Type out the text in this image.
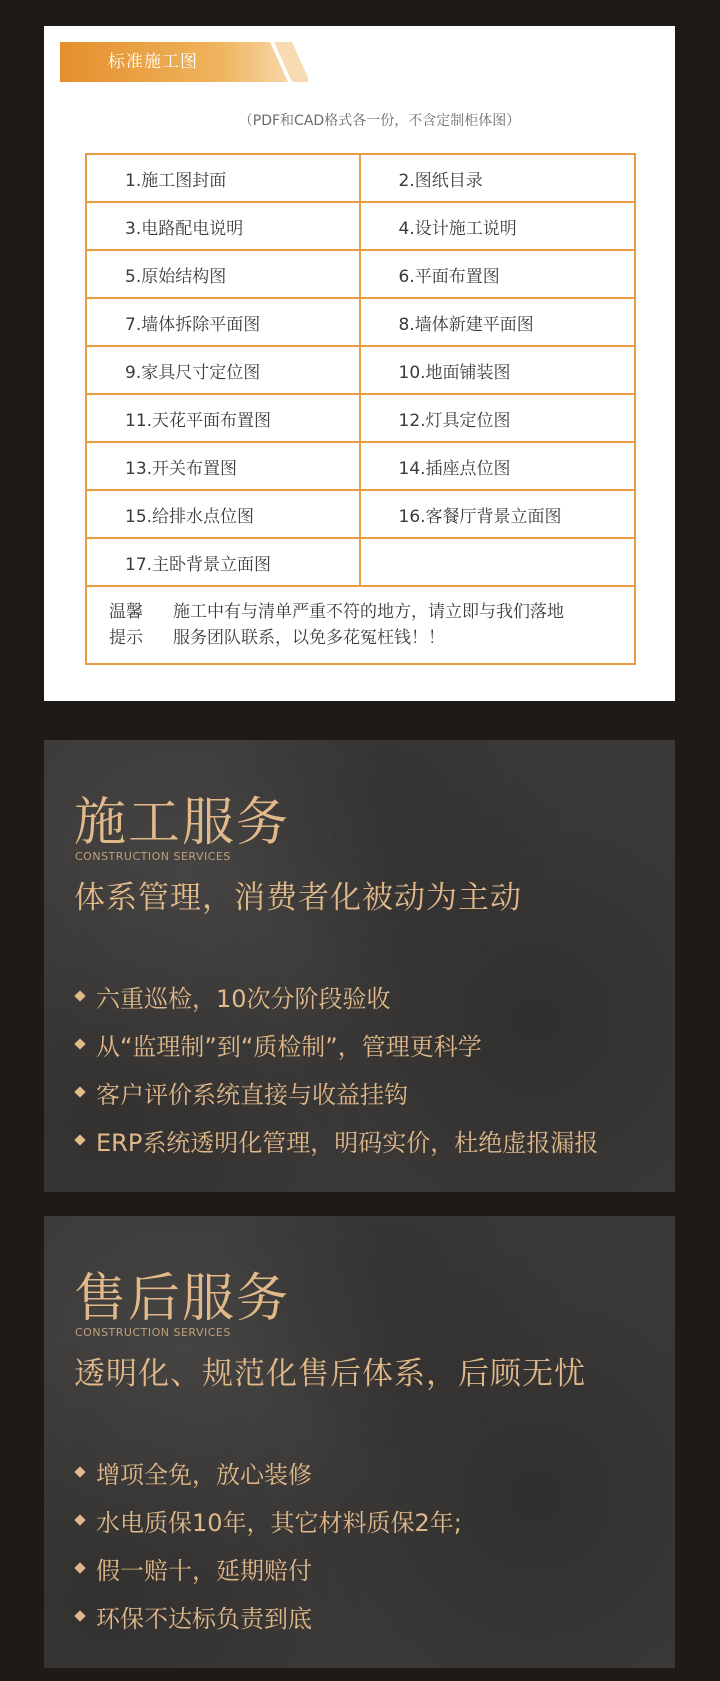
标准施工图
（PDF和CAD格式各一份，不含定制柜体图）
1.施工图封面	2.图纸目录
3.电路配电说明	4.设计施工说明
5.原始结构图	6.平面布置图
7.墙体拆除平面图	8.墙体新建平面图
9.家具尺寸定位图	10.地面铺装图
11.天花平面布置图	12.灯具定位图
13.开关布置图	14.插座点位图
15.给排水点位图	16.客餐厅背景立面图
17.主卧背景立面图
温馨
提示
施工中有与清单严重不符的地方，请立即与我们落地
服务团队联系，以免多花冤枉钱！！
施工服务
CONSTRUCTION SERVICES
体系管理，消费者化被动为主动
六重巡检，10次分阶段验收
从“监理制”到“质检制”，管理更科学
客户评价系统直接与收益挂钩
ERP系统透明化管理，明码实价，杜绝虚报漏报
售后服务
CONSTRUCTION SERVICES
透明化、规范化售后体系，后顾无忧
增项全免，放心装修
水电质保10年，其它材料质保2年;
假一赔十，延期赔付
环保不达标负责到底
